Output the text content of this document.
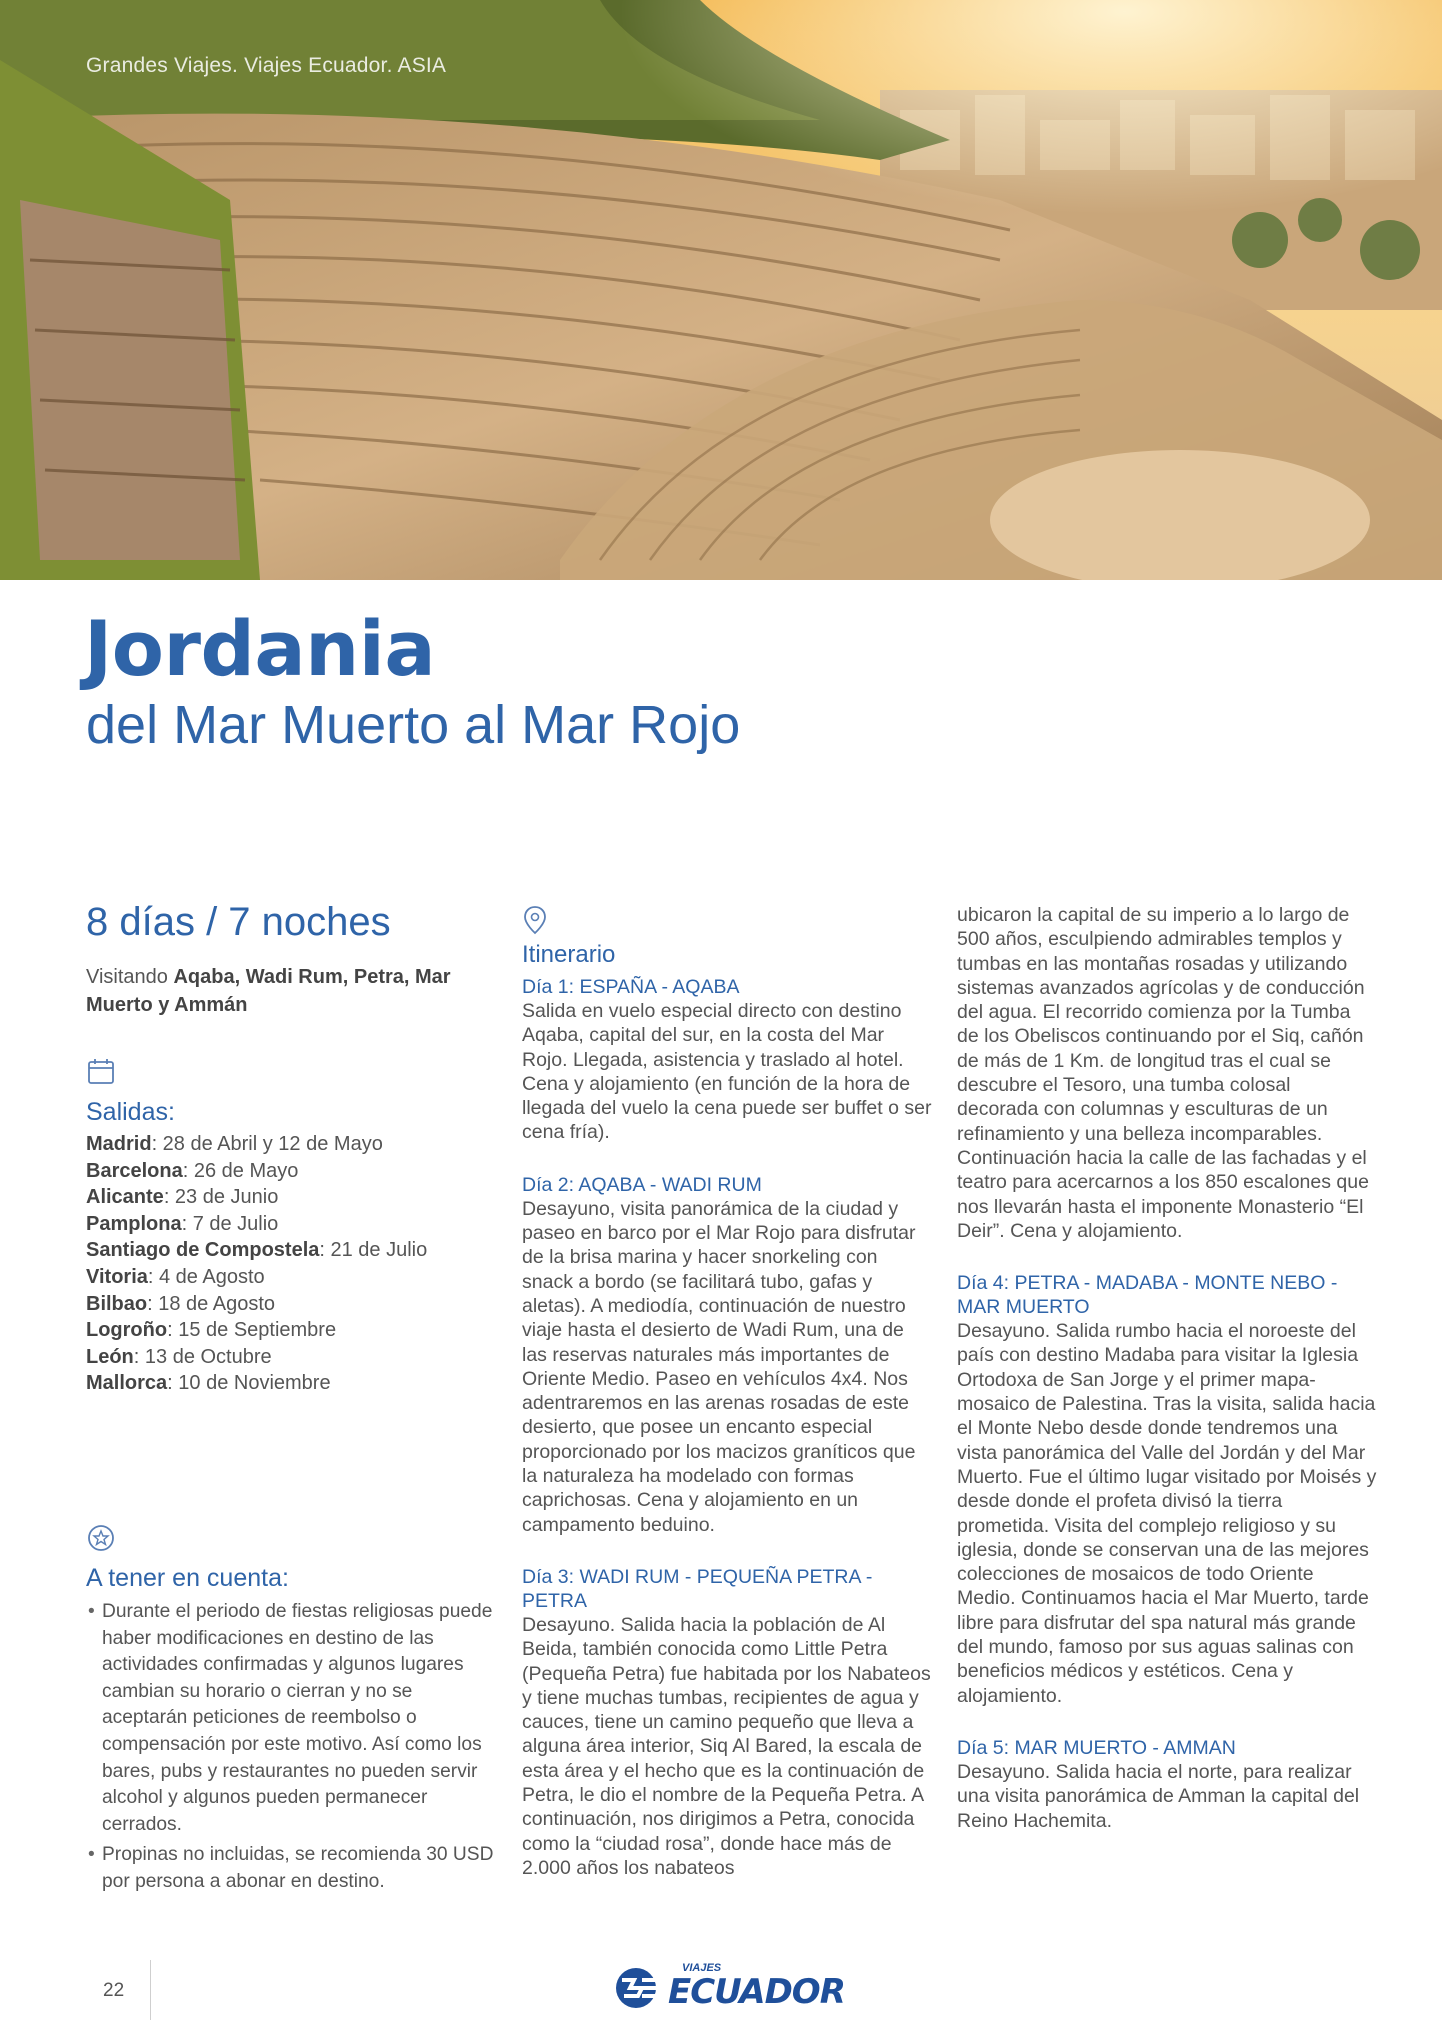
Grandes Viajes. Viajes Ecuador. ASIA
Jordania
del Mar Muerto al Mar Rojo
8 días / 7 noches
Visitando Aqaba, Wadi Rum, Petra, Mar Muerto y Ammán
Salidas:
Madrid: 28 de Abril y 12 de Mayo
Barcelona: 26 de Mayo
Alicante: 23 de Junio
Pamplona: 7 de Julio
Santiago de Compostela: 21 de Julio
Vitoria: 4 de Agosto
Bilbao: 18 de Agosto
Logroño: 15 de Septiembre
León: 13 de Octubre
Mallorca: 10 de Noviembre
A tener en cuenta:
• Durante el periodo de fiestas religiosas puede haber modificaciones en destino de las actividades confirmadas y algunos lugares cambian su horario o cierran y no se aceptarán peticiones de reembolso o compensación por este motivo. Así como los bares, pubs y restaurantes no pueden servir alcohol y algunos pueden permanecer cerrados.
• Propinas no incluidas, se recomienda 30 USD por persona a abonar en destino.
Itinerario
Día 1: ESPAÑA - AQABA
Salida en vuelo especial directo con destino Aqaba, capital del sur, en la costa del Mar Rojo. Llegada, asistencia y traslado al hotel. Cena y alojamiento (en función de la hora de llegada del vuelo la cena puede ser buffet o ser cena fría).
Día 2: AQABA - WADI RUM
Desayuno, visita panorámica de la ciudad y paseo en barco por el Mar Rojo para disfrutar de la brisa marina y hacer snorkeling con snack a bordo (se facilitará tubo, gafas y aletas). A mediodía, continuación de nuestro viaje hasta el desierto de Wadi Rum, una de las reservas naturales más importantes de Oriente Medio. Paseo en vehículos 4x4. Nos adentraremos en las arenas rosadas de este desierto, que posee un encanto especial proporcionado por los macizos graníticos que la naturaleza ha modelado con formas caprichosas. Cena y alojamiento en un campamento beduino.
Día 3: WADI RUM - PEQUEÑA PETRA - PETRA
Desayuno. Salida hacia la población de Al Beida, también conocida como Little Petra (Pequeña Petra) fue habitada por los Nabateos y tiene muchas tumbas, recipientes de agua y cauces, tiene un camino pequeño que lleva a alguna área interior, Siq Al Bared, la escala de esta área y el hecho que es la continuación de Petra, le dio el nombre de la Pequeña Petra. A continuación, nos dirigimos a Petra, conocida como la “ciudad rosa”, donde hace más de 2.000 años los nabateos
ubicaron la capital de su imperio a lo largo de 500 años, esculpiendo admirables templos y tumbas en las montañas rosadas y utilizando sistemas avanzados agrícolas y de conducción del agua. El recorrido comienza por la Tumba de los Obeliscos continuando por el Siq, cañón de más de 1 Km. de longitud tras el cual se descubre el Tesoro, una tumba colosal decorada con columnas y esculturas de un refinamiento y una belleza incomparables. Continuación hacia la calle de las fachadas y el teatro para acercarnos a los 850 escalones que nos llevarán hasta el imponente Monasterio “El Deir”. Cena y alojamiento.
Día 4: PETRA - MADABA - MONTE NEBO - MAR MUERTO
Desayuno. Salida rumbo hacia el noroeste del país con destino Madaba para visitar la Iglesia Ortodoxa de San Jorge y el primer mapa-mosaico de Palestina. Tras la visita, salida hacia el Monte Nebo desde donde tendremos una vista panorámica del Valle del Jordán y del Mar Muerto. Fue el último lugar visitado por Moisés y desde donde el profeta divisó la tierra prometida. Visita del complejo religioso y su iglesia, donde se conservan una de las mejores colecciones de mosaicos de todo Oriente Medio. Continuamos hacia el Mar Muerto, tarde libre para disfrutar del spa natural más grande del mundo, famoso por sus aguas salinas con beneficios médicos y estéticos. Cena y alojamiento.
Día 5: MAR MUERTO - AMMAN
Desayuno. Salida hacia el norte, para realizar una visita panorámica de Amman la capital del Reino Hachemita.
22
VIAJES
ECUADOR
